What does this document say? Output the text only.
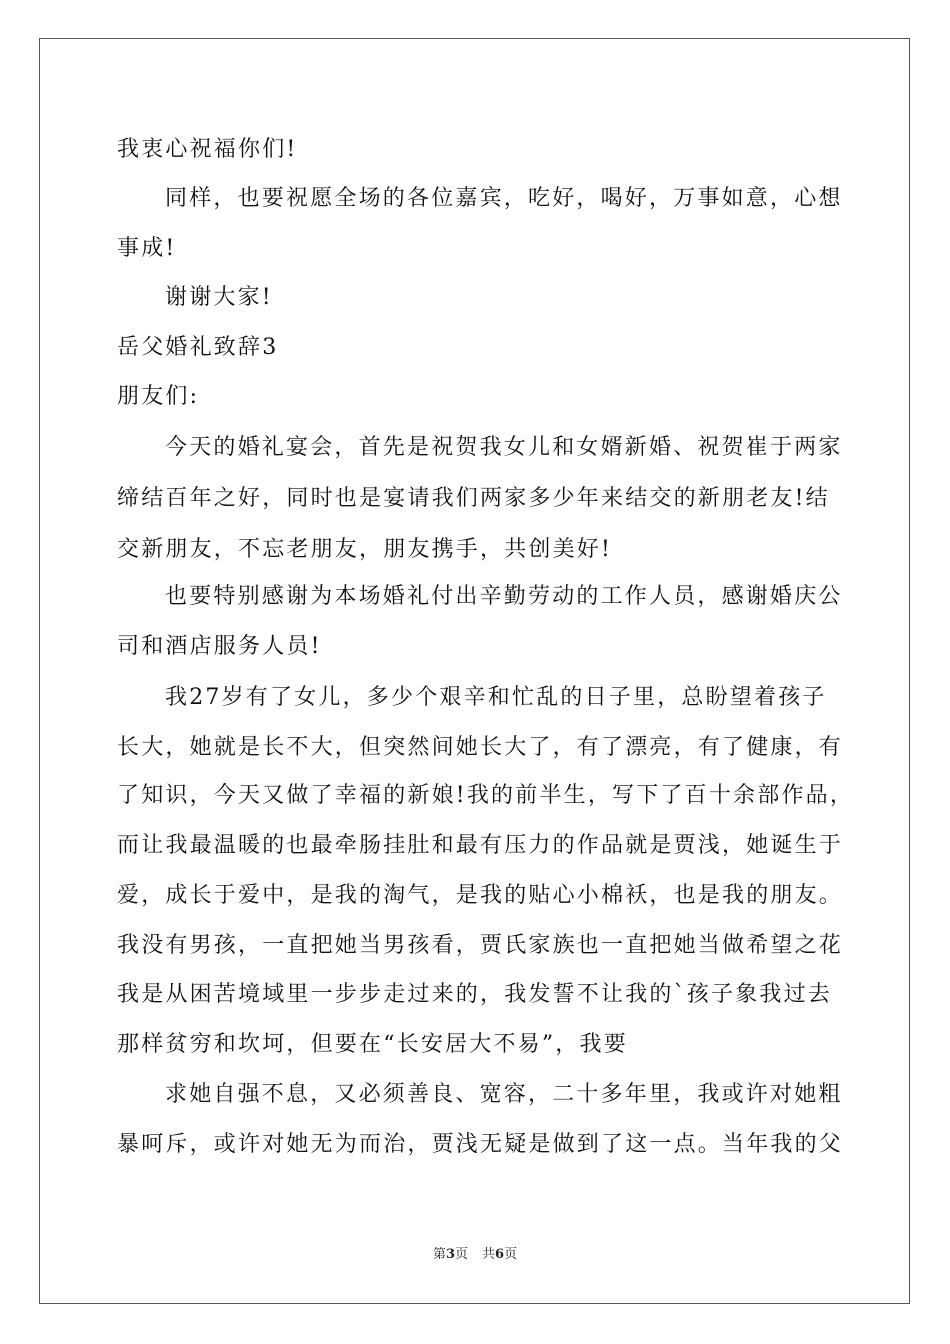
我衷心祝福你们!
同样，也要祝愿全场的各位嘉宾，吃好，喝好，万事如意，心想
事成!
谢谢大家!
岳父婚礼致辞3
朋友们:
今天的婚礼宴会，首先是祝贺我女儿和女婿新婚、祝贺崔于两家
缔结百年之好，同时也是宴请我们两家多少年来结交的新朋老友!结
交新朋友，不忘老朋友，朋友携手，共创美好!
也要特别感谢为本场婚礼付出辛勤劳动的工作人员，感谢婚庆公
司和酒店服务人员!
我27岁有了女儿，多少个艰辛和忙乱的日子里，总盼望着孩子
长大，她就是长不大，但突然间她长大了，有了漂亮，有了健康，有
了知识，今天又做了幸福的新娘!我的前半生，写下了百十余部作品，
而让我最温暖的也最牵肠挂肚和最有压力的作品就是贾浅，她诞生于
爱，成长于爱中，是我的淘气，是我的贴心小棉袄，也是我的朋友。
我没有男孩，一直把她当男孩看，贾氏家族也一直把她当做希望之花
我是从困苦境域里一步步走过来的，我发誓不让我的`孩子象我过去
那样贫穷和坎坷，但要在“长安居大不易”，我要
求她自强不息，又必须善良、宽容，二十多年里，我或许对她粗
暴呵斥，或许对她无为而治，贾浅无疑是做到了这一点。当年我的父
第3页 共6页
